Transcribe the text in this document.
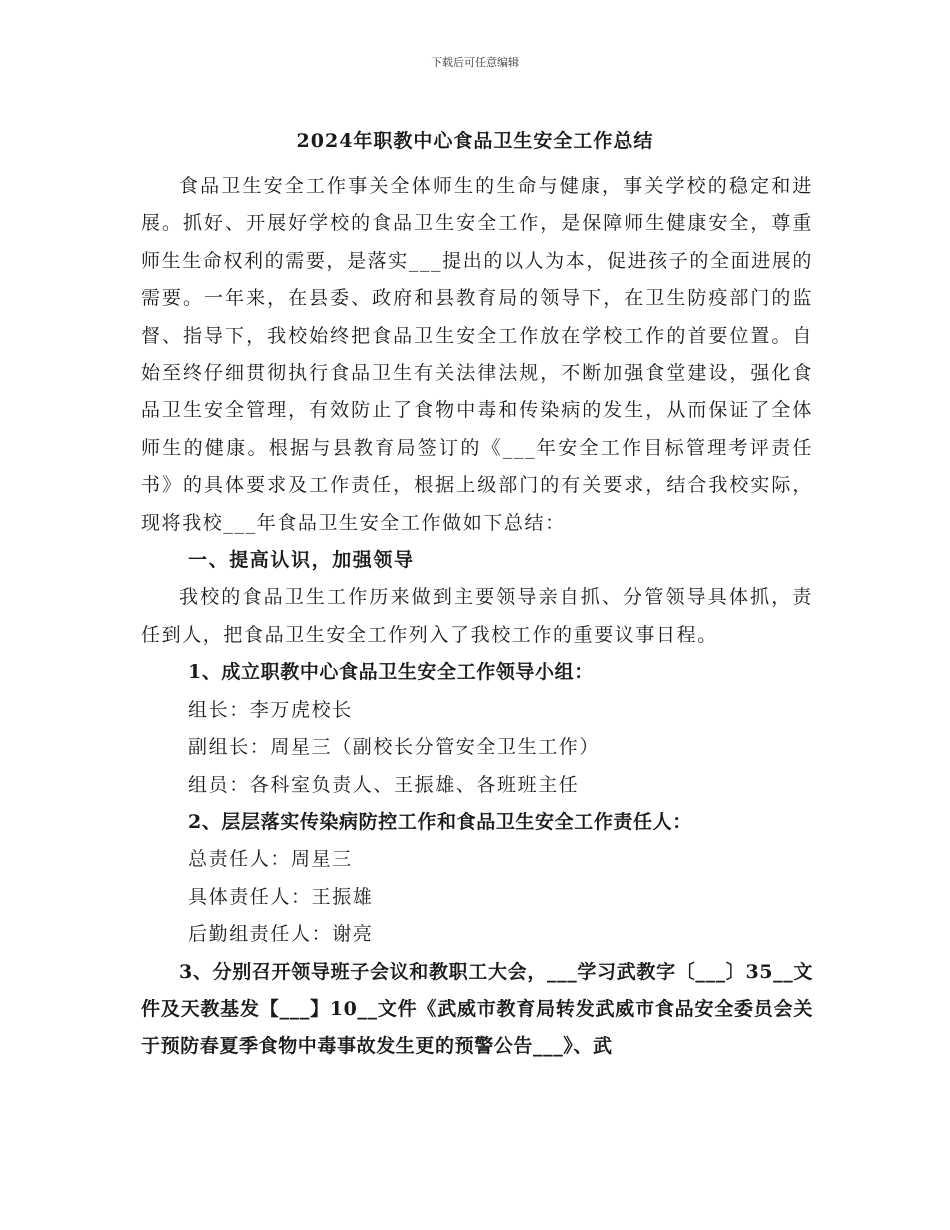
下载后可任意编辑
2024年职教中心食品卫生安全工作总结

食品卫生安全工作事关全体师生的生命与健康，事关学校的稳定和进展。抓好、开展好学校的食品卫生安全工作，是保障师生健康安全，尊重师生生命权利的需要，是落实___提出的以人为本，促进孩子的全面进展的需要。一年来，在县委、政府和县教育局的领导下，在卫生防疫部门的监督、指导下，我校始终把食品卫生安全工作放在学校工作的首要位置。自始至终仔细贯彻执行食品卫生有关法律法规，不断加强食堂建设，强化食品卫生安全管理，有效防止了食物中毒和传染病的发生，从而保证了全体师生的健康。根据与县教育局签订的《___年安全工作目标管理考评责任书》的具体要求及工作责任，根据上级部门的有关要求，结合我校实际，现将我校___年食品卫生安全工作做如下总结：

一、提高认识，加强领导

我校的食品卫生工作历来做到主要领导亲自抓、分管领导具体抓，责任到人，把食品卫生安全工作列入了我校工作的重要议事日程。

1、成立职教中心食品卫生安全工作领导小组：

组长：李万虎校长

副组长：周星三（副校长分管安全卫生工作）

组员：各科室负责人、王振雄、各班班主任

2、层层落实传染病防控工作和食品卫生安全工作责任人：

总责任人：周星三

具体责任人：王振雄

后勤组责任人：谢亮

3、分别召开领导班子会议和教职工大会，___学习武教字〔___〕35__文件及天教基发【___】10__文件《武威市教育局转发武威市食品安全委员会关于预防春夏季食物中毒事故发生更的预警公告___》、武
